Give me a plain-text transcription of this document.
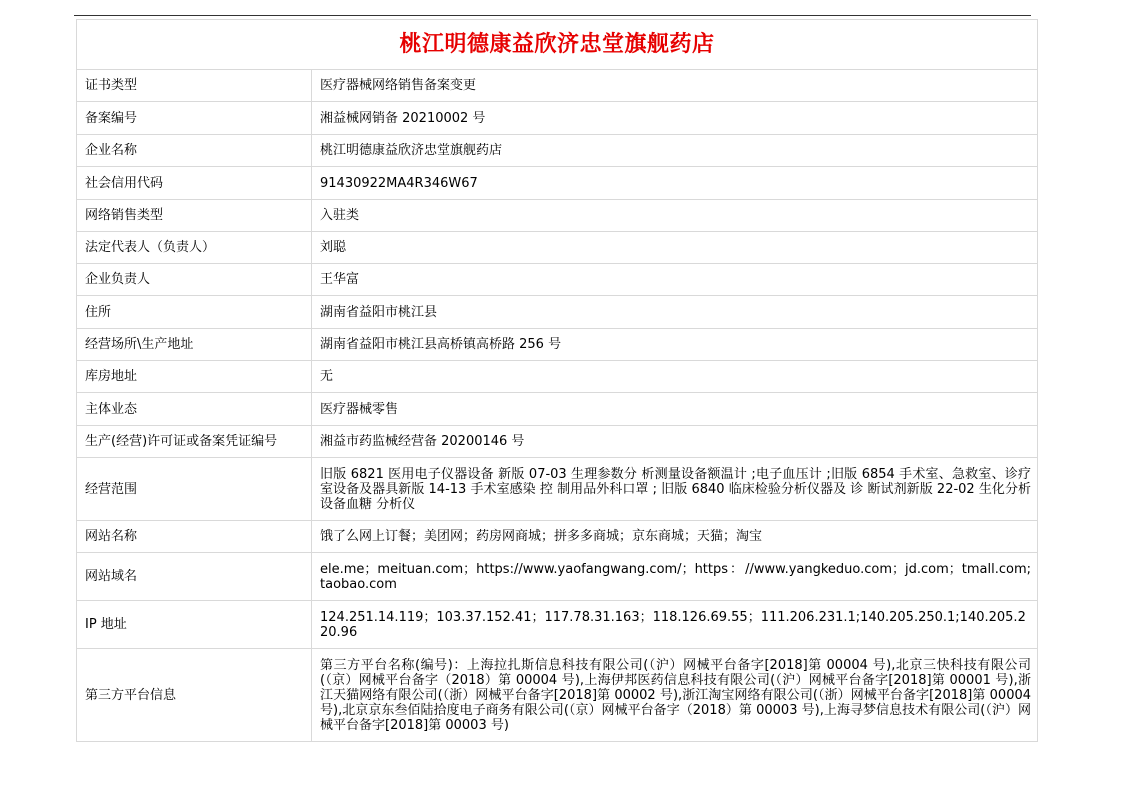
桃江明德康益欣济忠堂旗舰药店	
证书类型	医疗器械网络销售备案变更
备案编号	湘益械网销备 20210002 号
企业名称	桃江明德康益欣济忠堂旗舰药店
社会信用代码	91430922MA4R346W67
网络销售类型	入驻类
法定代表人（负责人）	刘聪
企业负责人	王华富
住所	湖南省益阳市桃江县
经营场所\生产地址	湖南省益阳市桃江县高桥镇高桥路 256 号
库房地址	无
主体业态	医疗器械零售
生产(经营)许可证或备案凭证编号	湘益市药监械经营备 20200146 号
经营范围	旧版 6821 医用电子仪器设备 新版 07-03 生理参数分 析测量设备额温计 ;电子血压计 ;旧版 6854 手术室、急救室、诊疗室设备及器具新版 14-13 手术室感染 控 制用品外科口罩 ; 旧版 6840 临床检验分析仪器及 诊 断试剂新版 22-02 生化分析设备血糖 分析仪
网站名称	饿了么网上订餐；美团网；药房网商城；拼多多商城；京东商城；天猫；淘宝
网站域名	ele.me；meituan.com；https://www.yaofangwang.com/；https：//www.yangkeduo.com；jd.com；tmall.com;taobao.com
IP 地址	124.251.14.119；103.37.152.41；117.78.31.163；118.126.69.55；111.206.231.1;140.205.250.1;140.205.220.96
第三方平台信息	第三方平台名称(编号)：上海拉扎斯信息科技有限公司(（沪）网械平台备字[2018]第 00004 号),北京三快科技有限公司(（京）网械平台备字（2018）第 00004 号),上海伊邦医药信息科技有限公司(（沪）网械平台备字[2018]第 00001 号),浙江天猫网络有限公司(（浙）网械平台备字[2018]第 00002 号),浙江淘宝网络有限公司(（浙）网械平台备字[2018]第 00004 号),北京京东叁佰陆拾度电子商务有限公司(（京）网械平台备字（2018）第 00003 号),上海寻梦信息技术有限公司(（沪）网械平台备字[2018]第 00003 号)
